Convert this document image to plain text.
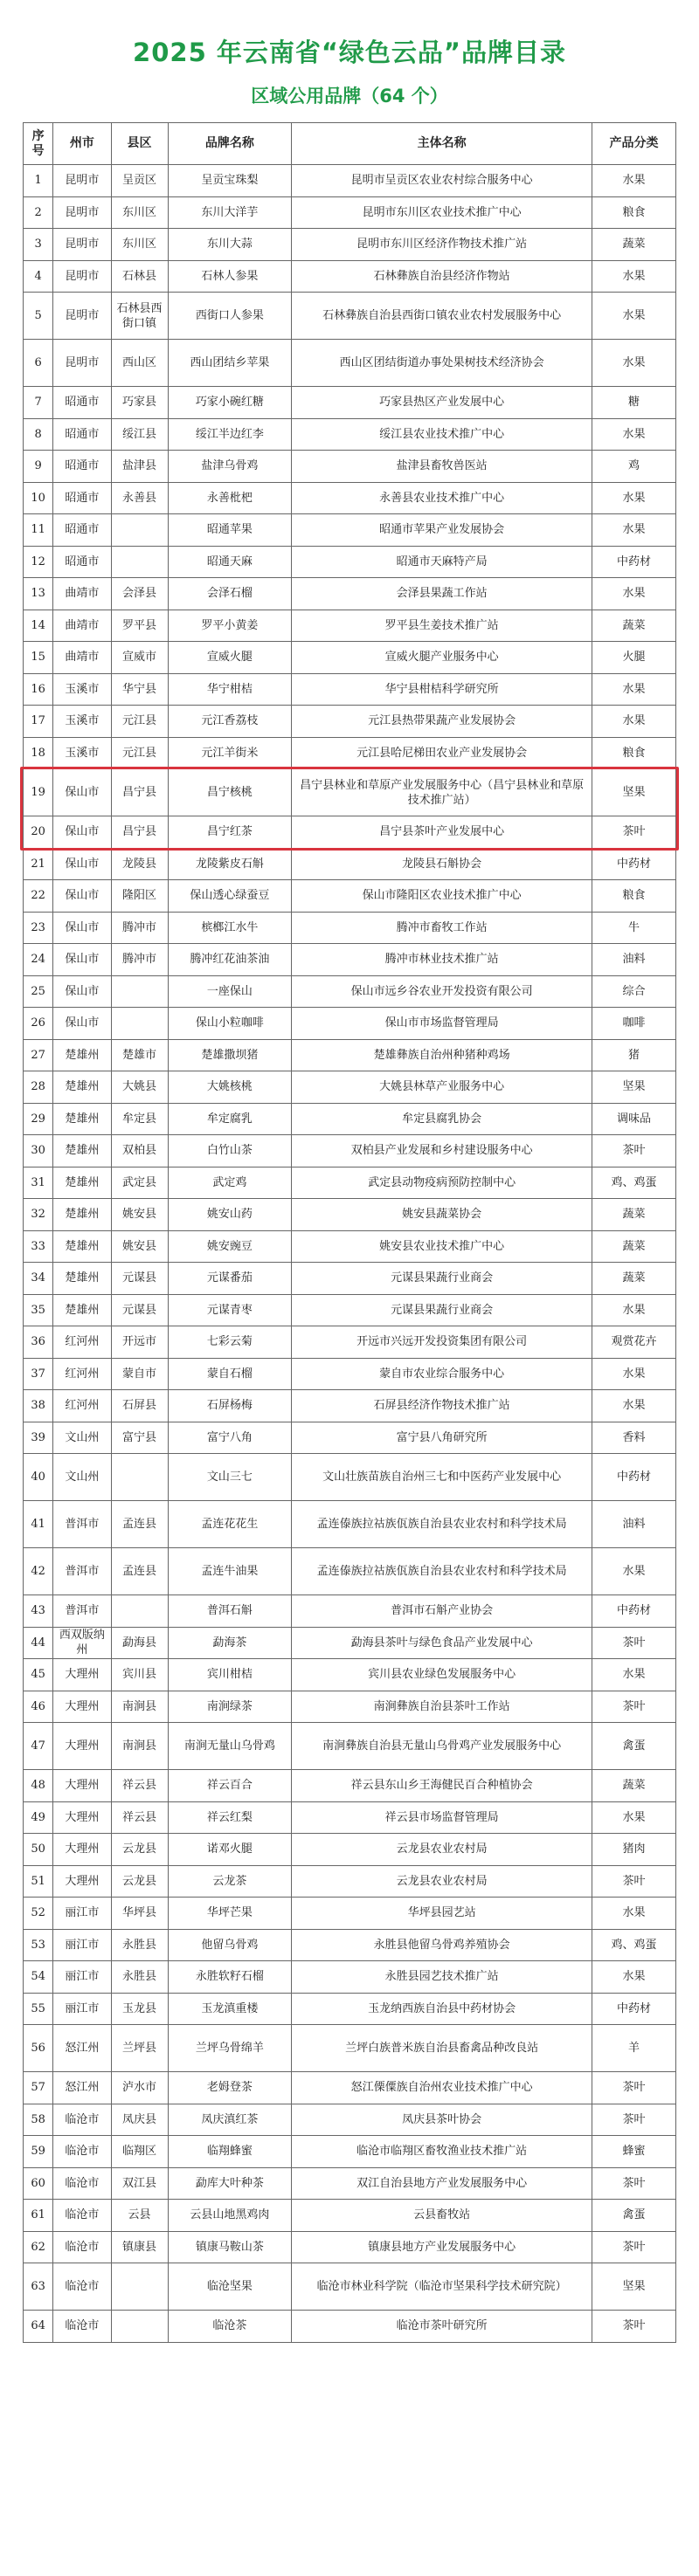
2025 年云南省“绿色云品”品牌目录
区域公用品牌（64 个）
序号	州市	县区	品牌名称	主体名称	产品分类
1	昆明市	呈贡区	呈贡宝珠梨	昆明市呈贡区农业农村综合服务中心	水果
2	昆明市	东川区	东川大洋芋	昆明市东川区农业技术推广中心	粮食
3	昆明市	东川区	东川大蒜	昆明市东川区经济作物技术推广站	蔬菜
4	昆明市	石林县	石林人参果	石林彝族自治县经济作物站	水果
5	昆明市	石林县西街口镇	西街口人参果	石林彝族自治县西街口镇农业农村发展服务中心	水果
6	昆明市	西山区	西山团结乡苹果	西山区团结街道办事处果树技术经济协会	水果
7	昭通市	巧家县	巧家小碗红糖	巧家县热区产业发展中心	糖
8	昭通市	绥江县	绥江半边红李	绥江县农业技术推广中心	水果
9	昭通市	盐津县	盐津乌骨鸡	盐津县畜牧兽医站	鸡
10	昭通市	永善县	永善枇杷	永善县农业技术推广中心	水果
11	昭通市		昭通苹果	昭通市苹果产业发展协会	水果
12	昭通市		昭通天麻	昭通市天麻特产局	中药材
13	曲靖市	会泽县	会泽石榴	会泽县果蔬工作站	水果
14	曲靖市	罗平县	罗平小黄姜	罗平县生姜技术推广站	蔬菜
15	曲靖市	宣威市	宣威火腿	宣威火腿产业服务中心	火腿
16	玉溪市	华宁县	华宁柑桔	华宁县柑桔科学研究所	水果
17	玉溪市	元江县	元江香荔枝	元江县热带果蔬产业发展协会	水果
18	玉溪市	元江县	元江羊街米	元江县哈尼梯田农业产业发展协会	粮食
19	保山市	昌宁县	昌宁核桃	昌宁县林业和草原产业发展服务中心（昌宁县林业和草原技术推广站）	坚果
20	保山市	昌宁县	昌宁红茶	昌宁县茶叶产业发展中心	茶叶
21	保山市	龙陵县	龙陵紫皮石斛	龙陵县石斛协会	中药材
22	保山市	隆阳区	保山透心绿蚕豆	保山市隆阳区农业技术推广中心	粮食
23	保山市	腾冲市	槟榔江水牛	腾冲市畜牧工作站	牛
24	保山市	腾冲市	腾冲红花油茶油	腾冲市林业技术推广站	油料
25	保山市		一座保山	保山市远乡谷农业开发投资有限公司	综合
26	保山市		保山小粒咖啡	保山市市场监督管理局	咖啡
27	楚雄州	楚雄市	楚雄撒坝猪	楚雄彝族自治州种猪种鸡场	猪
28	楚雄州	大姚县	大姚核桃	大姚县林草产业服务中心	坚果
29	楚雄州	牟定县	牟定腐乳	牟定县腐乳协会	调味品
30	楚雄州	双柏县	白竹山茶	双柏县产业发展和乡村建设服务中心	茶叶
31	楚雄州	武定县	武定鸡	武定县动物疫病预防控制中心	鸡、鸡蛋
32	楚雄州	姚安县	姚安山药	姚安县蔬菜协会	蔬菜
33	楚雄州	姚安县	姚安豌豆	姚安县农业技术推广中心	蔬菜
34	楚雄州	元谋县	元谋番茄	元谋县果蔬行业商会	蔬菜
35	楚雄州	元谋县	元谋青枣	元谋县果蔬行业商会	水果
36	红河州	开远市	七彩云菊	开远市兴远开发投资集团有限公司	观赏花卉
37	红河州	蒙自市	蒙自石榴	蒙自市农业综合服务中心	水果
38	红河州	石屏县	石屏杨梅	石屏县经济作物技术推广站	水果
39	文山州	富宁县	富宁八角	富宁县八角研究所	香料
40	文山州		文山三七	文山壮族苗族自治州三七和中医药产业发展中心	中药材
41	普洱市	孟连县	孟连花花生	孟连傣族拉祜族佤族自治县农业农村和科学技术局	油料
42	普洱市	孟连县	孟连牛油果	孟连傣族拉祜族佤族自治县农业农村和科学技术局	水果
43	普洱市		普洱石斛	普洱市石斛产业协会	中药材
44	西双版纳州	勐海县	勐海茶	勐海县茶叶与绿色食品产业发展中心	茶叶
45	大理州	宾川县	宾川柑桔	宾川县农业绿色发展服务中心	水果
46	大理州	南涧县	南涧绿茶	南涧彝族自治县茶叶工作站	茶叶
47	大理州	南涧县	南涧无量山乌骨鸡	南涧彝族自治县无量山乌骨鸡产业发展服务中心	禽蛋
48	大理州	祥云县	祥云百合	祥云县东山乡王海健民百合种植协会	蔬菜
49	大理州	祥云县	祥云红梨	祥云县市场监督管理局	水果
50	大理州	云龙县	诺邓火腿	云龙县农业农村局	猪肉
51	大理州	云龙县	云龙茶	云龙县农业农村局	茶叶
52	丽江市	华坪县	华坪芒果	华坪县园艺站	水果
53	丽江市	永胜县	他留乌骨鸡	永胜县他留乌骨鸡养殖协会	鸡、鸡蛋
54	丽江市	永胜县	永胜软籽石榴	永胜县园艺技术推广站	水果
55	丽江市	玉龙县	玉龙滇重楼	玉龙纳西族自治县中药材协会	中药材
56	怒江州	兰坪县	兰坪乌骨绵羊	兰坪白族普米族自治县畜禽品种改良站	羊
57	怒江州	泸水市	老姆登茶	怒江傈僳族自治州农业技术推广中心	茶叶
58	临沧市	凤庆县	凤庆滇红茶	凤庆县茶叶协会	茶叶
59	临沧市	临翔区	临翔蜂蜜	临沧市临翔区畜牧渔业技术推广站	蜂蜜
60	临沧市	双江县	勐库大叶种茶	双江自治县地方产业发展服务中心	茶叶
61	临沧市	云县	云县山地黑鸡肉	云县畜牧站	禽蛋
62	临沧市	镇康县	镇康马鞍山茶	镇康县地方产业发展服务中心	茶叶
63	临沧市		临沧坚果	临沧市林业科学院（临沧市坚果科学技术研究院）	坚果
64	临沧市		临沧茶	临沧市茶叶研究所	茶叶
